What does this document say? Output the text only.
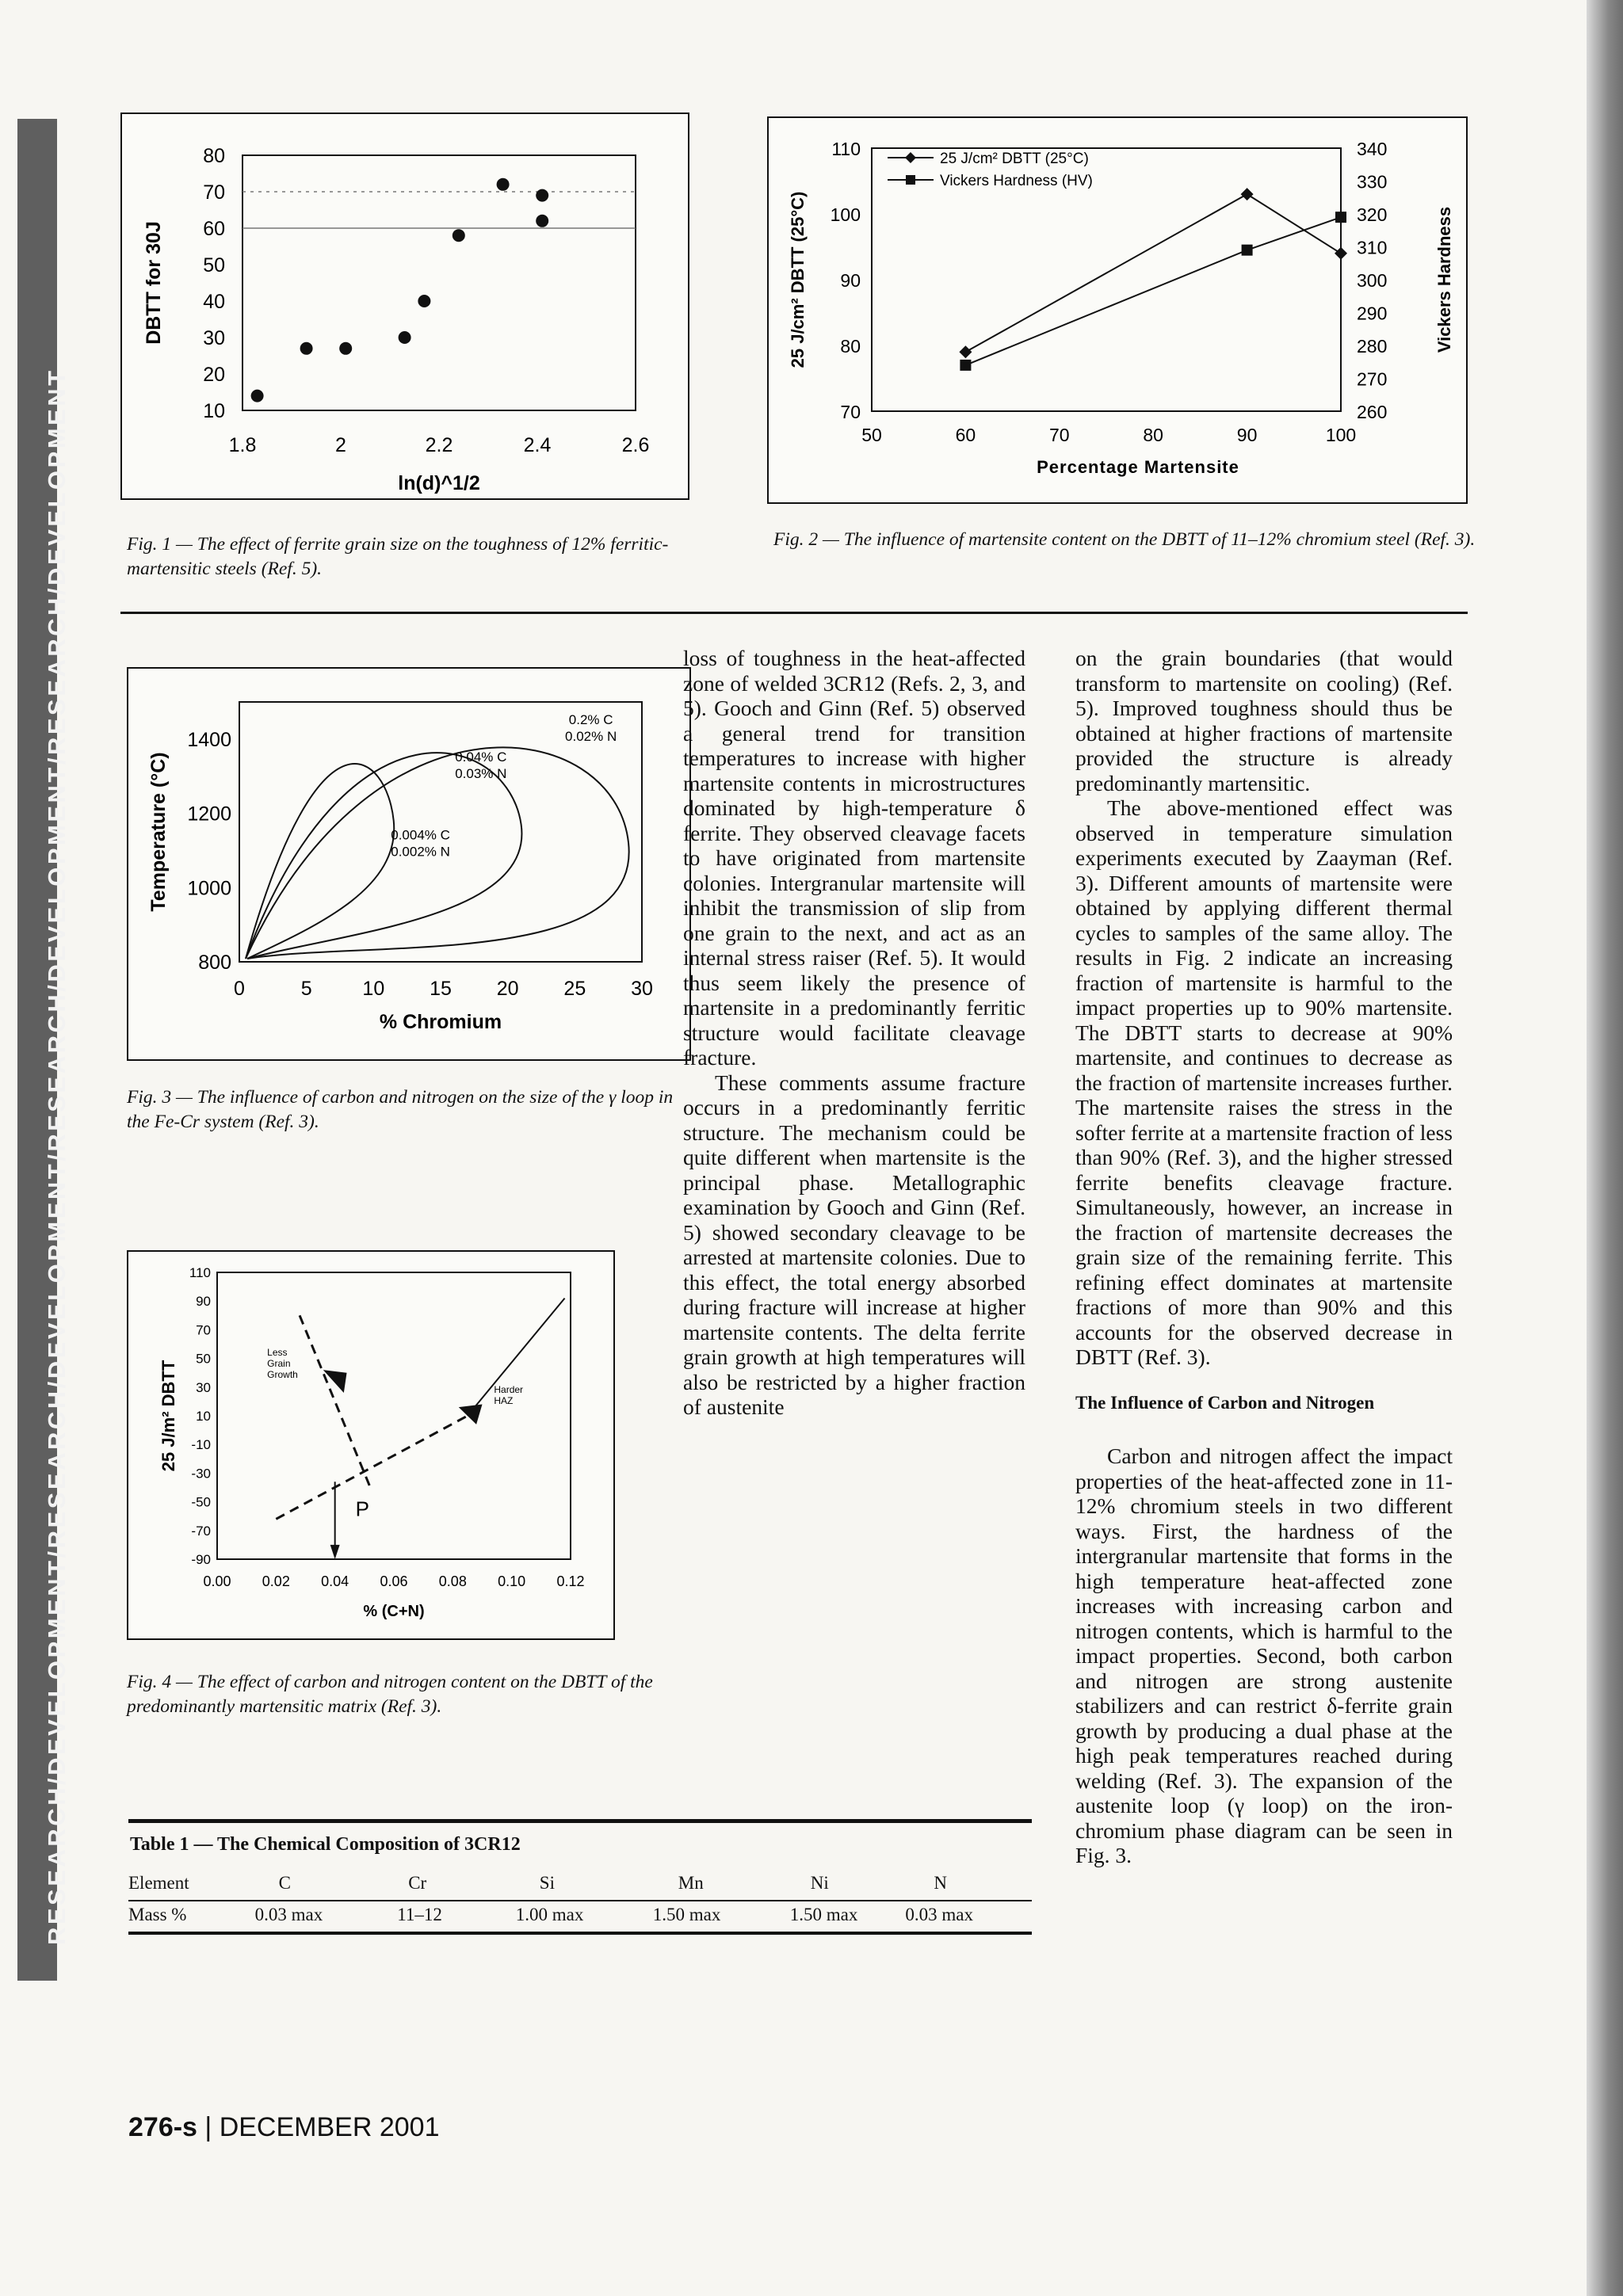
RESEARCH/DEVELOPMENT/RESEARCH/DEVELOPMENT/RESEARCH/DEVELOPMENT/RESEARCH/DEVELOPMENT	10
20
30
40
50
60
70
80
1.8	2	2.2	2.4	2.6
ln(d)^1/2
DBTT for 30J
Fig. 1 — The effect of ferrite grain size on the toughness of 12% ferritic-martensitic steels (Ref. 5).
70
80
90
100
110
260
270
280
290
300
310
320
330
340
50	60	70	80	90	100
Percentage Martensite
25 J/cm² DBTT (25°C)	Vickers Hardness
25 J/cm² DBTT (25°C)
Vickers Hardness (HV)
Fig. 2 — The influence of martensite content on the DBTT of 11–12% chromium steel (Ref. 3).
800
1000
1200
1400
0	5	10 15 20 25 30
% Chromium
Temperature (°C)
0.2% C
0.02% N
0.04% C
0.03% N
0.004% C
0.002% N
Fig. 3 — The influence of carbon and nitrogen on the size of the γ loop in the Fe-Cr system (Ref. 3).
110
90
70
50
30
10
-10
-30
-50
-70
-90
0.00 0.02 0.04 0.06 0.08 0.10 0.12
% (C+N)
25 J/m² DBTT
Less
Grain
Growth
Harder
HAZ
P
Fig. 4 — The effect of carbon and nitrogen content on the DBTT of the predominantly martensitic matrix (Ref. 3).

loss of toughness in the heat-affected zone of welded 3CR12 (Refs. 2, 3, and 5). Gooch and Ginn (Ref. 5) observed a general trend for transition temperatures to increase with higher martensite contents in microstructures dominated by high-temperature δ ferrite. They observed cleavage facets to have originated from martensite colonies. Intergranular martensite will inhibit the transmission of slip from one grain to the next, and act as an internal stress raiser (Ref. 5). It would thus seem likely the presence of martensite in a predominantly ferritic structure would facilitate cleavage fracture.

These comments assume fracture occurs in a predominantly ferritic structure. The mechanism could be quite different when martensite is the principal phase. Metallographic examination by Gooch and Ginn (Ref. 5) showed secondary cleavage to be arrested at martensite colonies. Due to this effect, the total energy absorbed during fracture will increase at higher martensite contents. The delta ferrite grain growth at high temperatures will also be restricted by a higher fraction of austenite

on the grain boundaries (that would transform to martensite on cooling) (Ref. 5). Improved toughness should thus be obtained at higher fractions of martensite provided the structure is already predominantly martensitic.

The above-mentioned effect was observed in temperature simulation experiments executed by Zaayman (Ref. 3). Different amounts of martensite were obtained by applying different thermal cycles to samples of the same alloy. The results in Fig. 2 indicate an increasing fraction of martensite is harmful to the impact properties up to 90% martensite. The DBTT starts to decrease at 90% martensite, and continues to decrease as the fraction of martensite increases further. The martensite raises the stress in the softer ferrite at a martensite fraction of less than 90% (Ref. 3), and the higher stressed ferrite benefits cleavage fracture. Simultaneously, however, an increase in the fraction of martensite decreases the grain size of the remaining ferrite. This refining effect dominates at martensite fractions of more than 90% and this accounts for the observed decrease in DBTT (Ref. 3).

The Influence of Carbon and Nitrogen

Carbon and nitrogen affect the impact properties of the heat-affected zone in 11-12% chromium steels in two different ways. First, the hardness of the intergranular martensite that forms in the high temperature heat-affected zone increases with increasing carbon and nitrogen contents, which is harmful to the impact properties. Second, both carbon and nitrogen are strong austenite stabilizers and can restrict δ-ferrite grain growth by producing a dual phase at the high peak temperatures reached during welding (Ref. 3). The expansion of the austenite loop (γ loop) on the iron-chromium phase diagram can be seen in Fig. 3.

Table 1 — The Chemical Composition of 3CR12
Element	C	Cr	Si	Mn	Ni	N

Mass %	0.03 max	11–12	1.00 max	1.50 max	1.50 max	0.03 max
276-s | DECEMBER 2001
